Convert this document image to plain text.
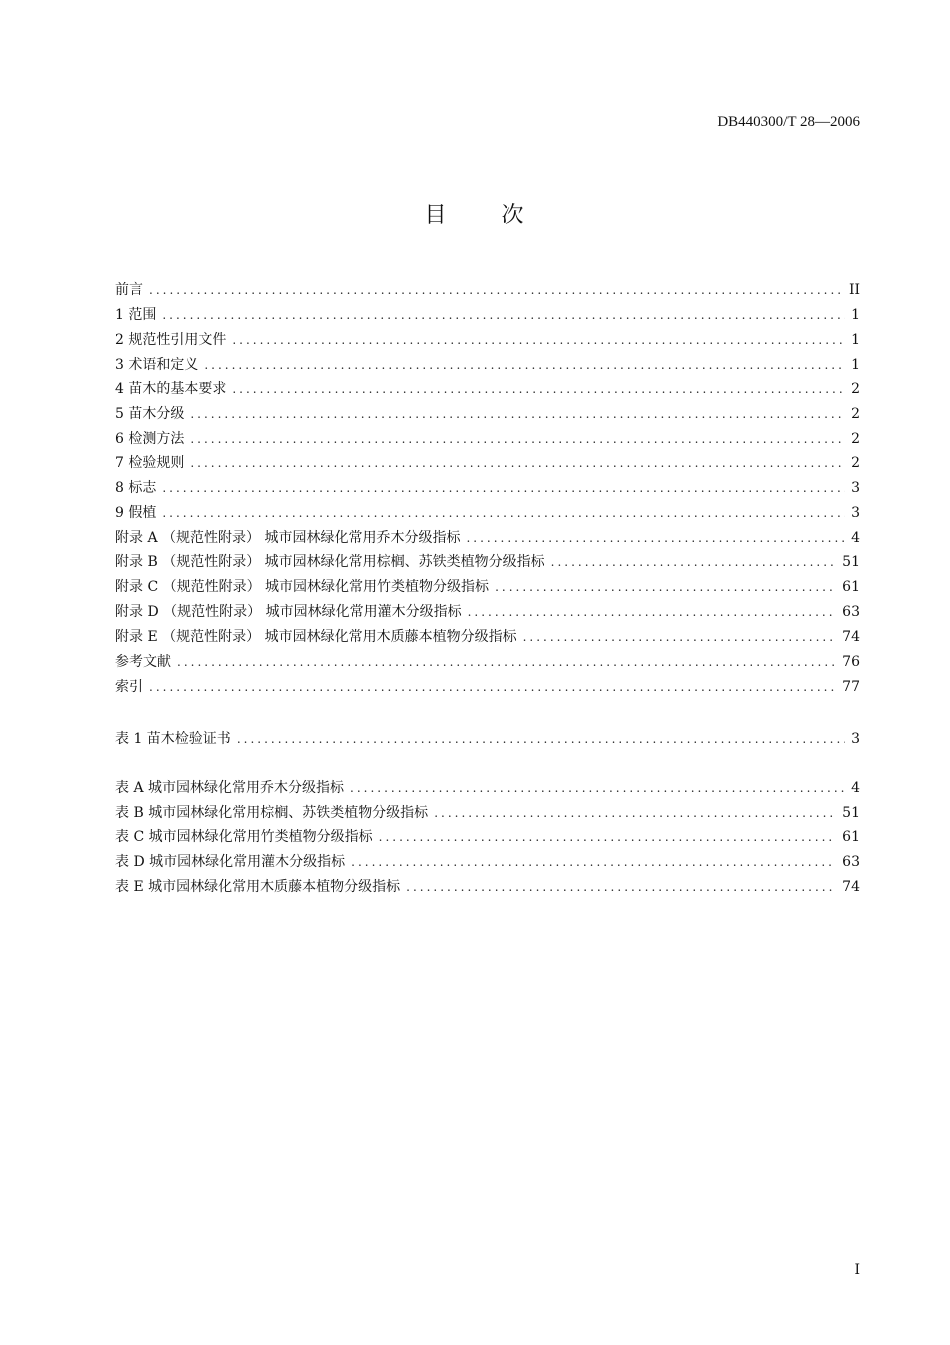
DB440300/T 28—2006
目 次
前言 .....	II
1 范围 .....	1
2 规范性引用文件 .....	1
3 术语和定义 .....	1
4 苗木的基本要求 .....	2
5 苗木分级 .....	2
6 检测方法 .....	2
7 检验规则 .....	2
8 标志 .....	3
9 假植 .....	3
附录 A （规范性附录） 城市园林绿化常用乔木分级指标 .....	4
附录 B （规范性附录） 城市园林绿化常用棕榈、苏铁类植物分级指标 .....	51
附录 C （规范性附录） 城市园林绿化常用竹类植物分级指标 .....	61
附录 D （规范性附录） 城市园林绿化常用灌木分级指标 .....	63
附录 E （规范性附录） 城市园林绿化常用木质藤本植物分级指标 .....	74
参考文献 .....	76
索引 .....	77
表 1 苗木检验证书 .....	3
表 A 城市园林绿化常用乔木分级指标 .....	4
表 B 城市园林绿化常用棕榈、苏铁类植物分级指标 .....	51
表 C 城市园林绿化常用竹类植物分级指标 .....	61
表 D 城市园林绿化常用灌木分级指标 .....	63
表 E 城市园林绿化常用木质藤本植物分级指标 .....	74
I
